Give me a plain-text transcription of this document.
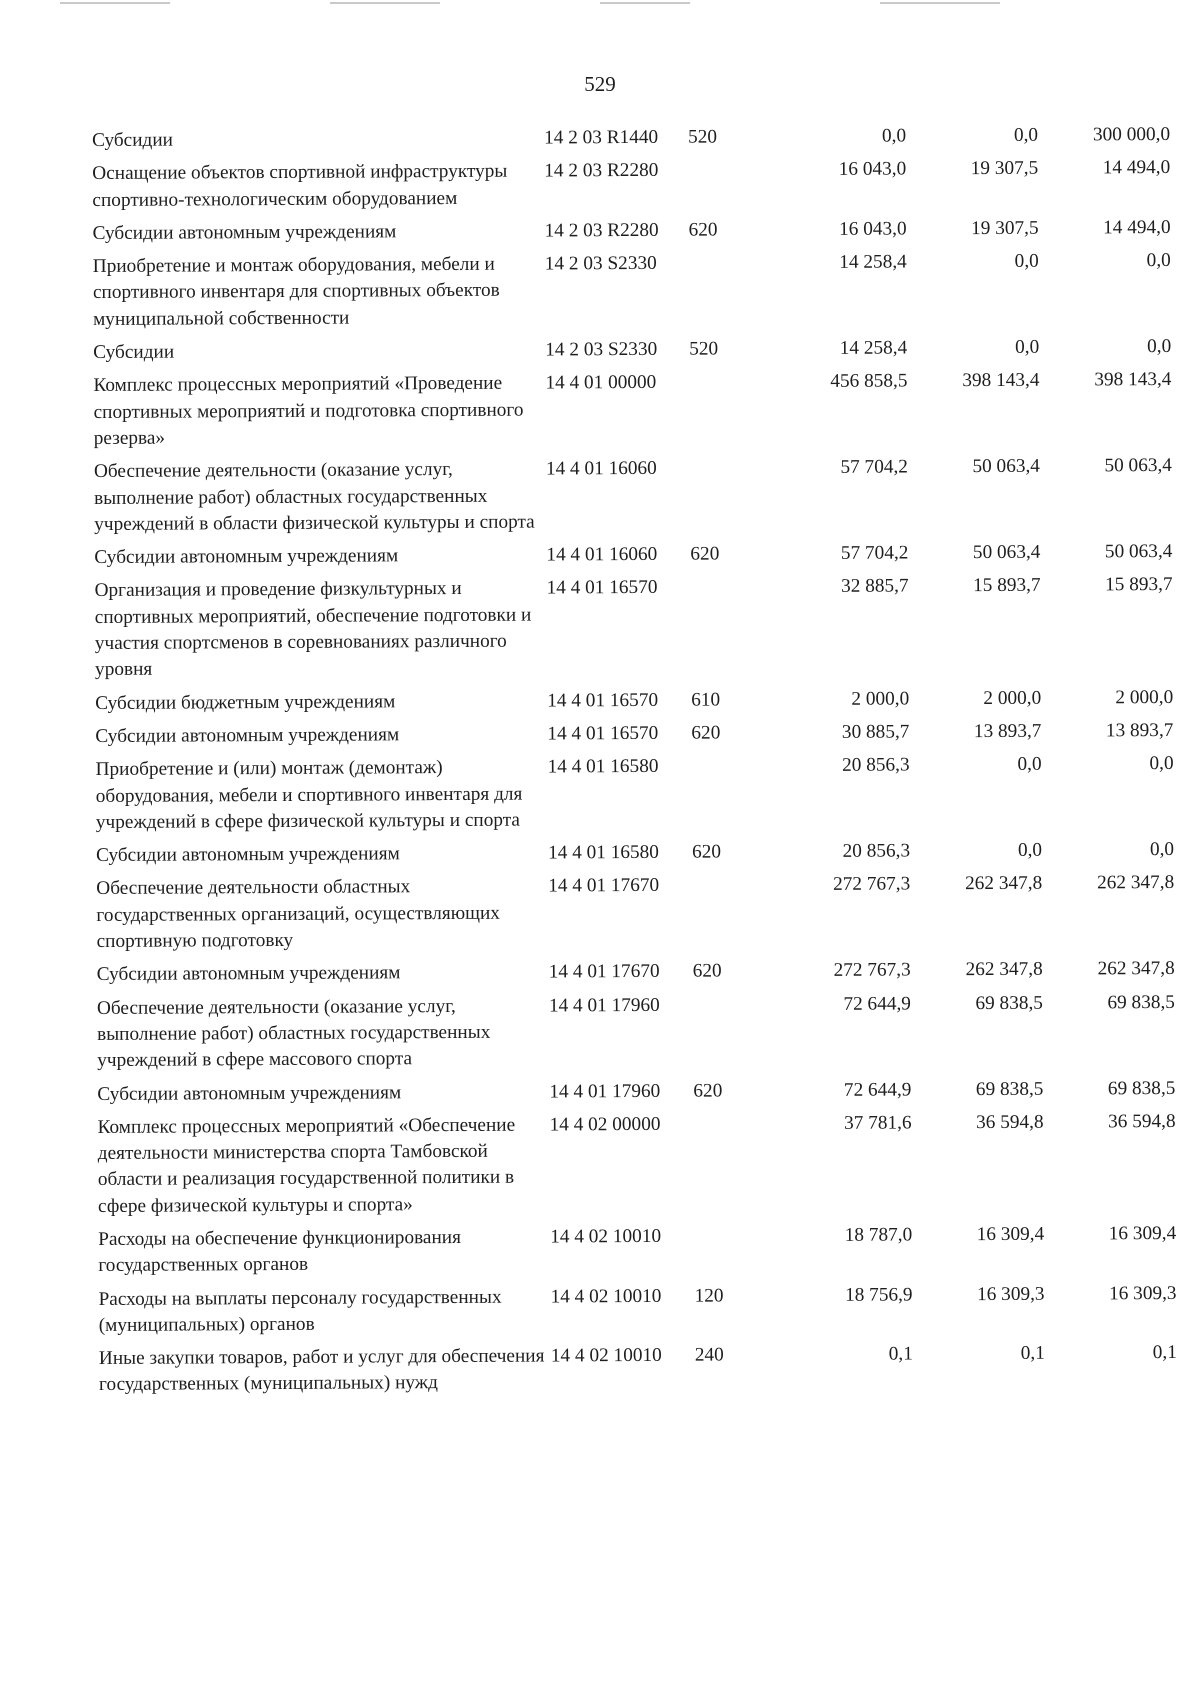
529
Субсидии	14 2 03 R1440	520	0,0	0,0	300 000,0
Оснащение объектов спортивной инфраструктуры спортивно-технологическим оборудованием	14 2 03 R2280		16 043,0	19 307,5	14 494,0
Субсидии автономным учреждениям	14 2 03 R2280	620	16 043,0	19 307,5	14 494,0
Приобретение и монтаж оборудования, мебели и спортивного инвентаря для спортивных объектов муниципальной собственности	14 2 03 S2330		14 258,4	0,0	0,0
Субсидии	14 2 03 S2330	520	14 258,4	0,0	0,0
Комплекс процессных мероприятий «Проведение спортивных мероприятий и подготовка спортивного резерва»	14 4 01 00000		456 858,5	398 143,4	398 143,4
Обеспечение деятельности (оказание услуг, выполнение работ) областных государственных учреждений в области физической культуры и спорта	14 4 01 16060		57 704,2	50 063,4	50 063,4
Субсидии автономным учреждениям	14 4 01 16060	620	57 704,2	50 063,4	50 063,4
Организация и проведение физкультурных и спортивных мероприятий, обеспечение подготовки и участия спортсменов в соревнованиях различного уровня	14 4 01 16570		32 885,7	15 893,7	15 893,7
Субсидии бюджетным учреждениям	14 4 01 16570	610	2 000,0	2 000,0	2 000,0
Субсидии автономным учреждениям	14 4 01 16570	620	30 885,7	13 893,7	13 893,7
Приобретение и (или) монтаж (демонтаж) оборудования, мебели и спортивного инвентаря для учреждений в сфере физической культуры и спорта	14 4 01 16580		20 856,3	0,0	0,0
Субсидии автономным учреждениям	14 4 01 16580	620	20 856,3	0,0	0,0
Обеспечение деятельности областных государственных организаций, осуществляющих спортивную подготовку	14 4 01 17670		272 767,3	262 347,8	262 347,8
Субсидии автономным учреждениям	14 4 01 17670	620	272 767,3	262 347,8	262 347,8
Обеспечение деятельности (оказание услуг, выполнение работ) областных государственных учреждений в сфере массового спорта	14 4 01 17960		72 644,9	69 838,5	69 838,5
Субсидии автономным учреждениям	14 4 01 17960	620	72 644,9	69 838,5	69 838,5
Комплекс процессных мероприятий «Обеспечение деятельности министерства спорта Тамбовской области и реализация государственной политики в сфере физической культуры и спорта»	14 4 02 00000		37 781,6	36 594,8	36 594,8
Расходы на обеспечение функционирования государственных органов	14 4 02 10010		18 787,0	16 309,4	16 309,4
Расходы на выплаты персоналу государственных (муниципальных) органов	14 4 02 10010	120	18 756,9	16 309,3	16 309,3
Иные закупки товаров, работ и услуг для обеспечения государственных (муниципальных) нужд	14 4 02 10010	240	0,1	0,1	0,1
